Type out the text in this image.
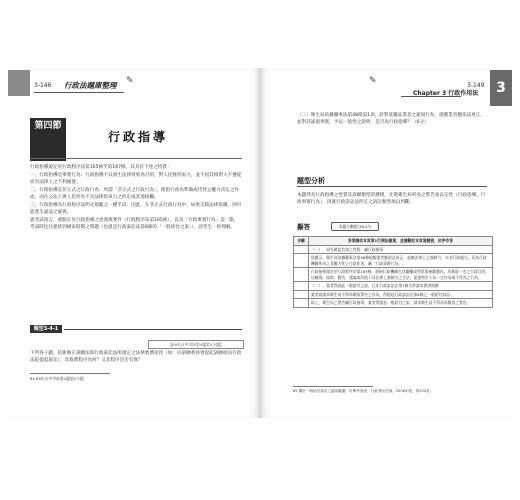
3-146 行政法題庫整理 ✎
第四節
行政指導

行政指導規定於行政程序法第165條至第167條，其具有下述之特質：

一、行政指導是事實行為：行政指導不以發生法律效果為目的，對人民無拘束力，並不因其相對人不遵從而有法律上之不利處置。

二、行政指導是非正式之行政行為：所謂「非正式之行政行為」，係指行政為準備或代替公權力決定之作成，而在公法上與人民所為不具法律拘束力之約定或其他接觸。

三、行政指導為行政程序法明文規範之一種手段：因此，在非正式行政行為中，如果欠缺法律依據，則可能產生違法之疑義。

就考試而言，重點在於行政指導之意義與要件（行政程序法第165條），以及「行政事實行為」這一點，考試時往往連結到國家賠償之問題（也就是行政訴訟法第8條的「一般給付之訴」），請考生一併理解。

題型3-4-1
【89年台中市府第4題第2小題】
下列各子題，依新修正訴願法與行政訴訟法所規定之法律救濟途徑（如：向訴願委員會提起訴願或向行政法院提起訴訟），其救濟程序為何？又其程序是否有異？
84 89年台中市府第4題第2小題
✎
Chapter 3 行政作用法
3-149 3
（三）衛生局依據藥事法第48條第1項，針對某藥品業者之違規行為，提醒業者應依法更正，並對其違規事實，予以一般性之說明，是否為行政指導？（6分）
題型分析
本題涉及行政指導之性質及訴願類型的選擇，先將衛生局所為之警告加以定性（行政指導、行政事實行為），再就行政訴訟法所定之訴訟類型加以判斷。
擬答	本題分數配分6.0分
步驟	答案請依本頁第1行開始書寫，並請劃記本頁寫題號，依序作答
	（一）、須先確認告知之性質：屬行政指導
	依題示，衛生局依據藥事法第48條提醒業者應依法改正，並無法律上之強制力，亦非行政處分，而為行政機關所為之非權力性之行政作用，屬「行政事實行為」。
	行政指導規定於行政程序法第165條，係指行政機關在其職權或所掌事務範圍內，為實現一定之行政目的，以輔導、協助、勸告、建議或其他不具法律上強制力之方法，促請特定人為一定作為或不作為之行為。
	（二）、業者得就此一般給付之訴，且非行政訴訟法第7條合併請求損害賠償
	業者就請求衛生局不得為類似警告之作為，得提起行政訴訟法第8條之一般給付訴訟。
	綜上，衛生局之警告屬行政指導，業者得提起一般給付之訴，請求衛生局不得再為類似之警告。
85 關於一般給付訴訟之適用範圍，可參考吳庚，行政爭訟法論，2006年版，第254頁。
